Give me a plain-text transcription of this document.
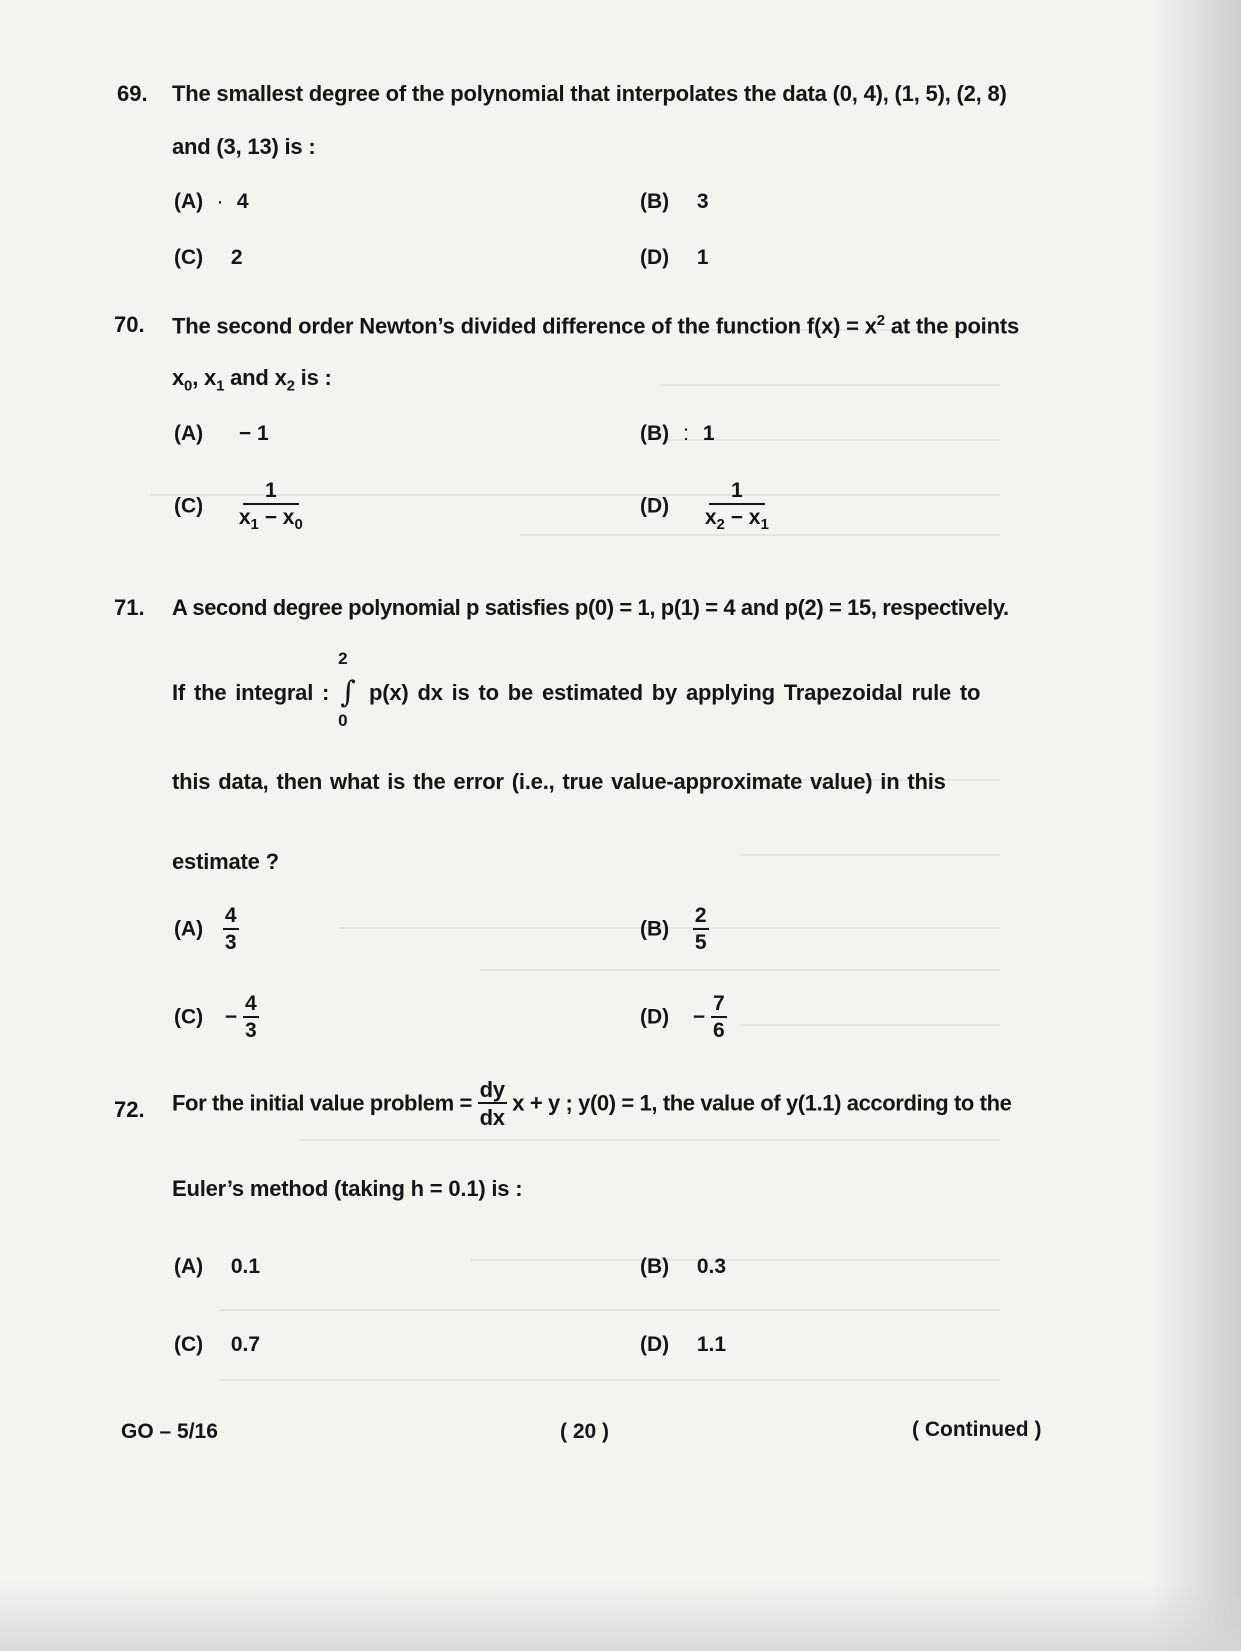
69. The smallest degree of the polynomial that interpolates the data (0, 4), (1, 5), (2, 8)
and (3, 13) is :
(A) · 4	(B) 3
(C) 2	(D) 1
70. The second order Newton’s divided difference of the function $f(x) = x^2$ at the points
$x_0$, $x_1$ and $x_2$ is :
(A) − 1	(B) : 1
$(C) \frac{1}{x_1 - x_0}$	$(D) \frac{1}{x_2 - x_1}$
71. A second degree polynomial p satisfies p(0) = 1, p(1) = 4 and p(2) = 15, respectively.
If the integral :
2
∫
0
p(x) dx is to be estimated by applying Trapezoidal rule to
this data, then what is the error (i.e., true value-approximate value) in this
estimate ?
$(A) \frac{4}{3}$	$(B) \frac{2}{5}$
$(C) - \frac{4}{3}$	$(D) - \frac{7}{6}$
72. For the initial value problem = $\frac{dy}{dx}$ x + y ; y(0) = 1, the value of y(1.1) according to the
Euler’s method (taking h = 0.1) is :
(A) 0.1	(B) 0.3
(C) 0.7	(D) 1.1
GO – 5/16	( 20 )	( Continued )
